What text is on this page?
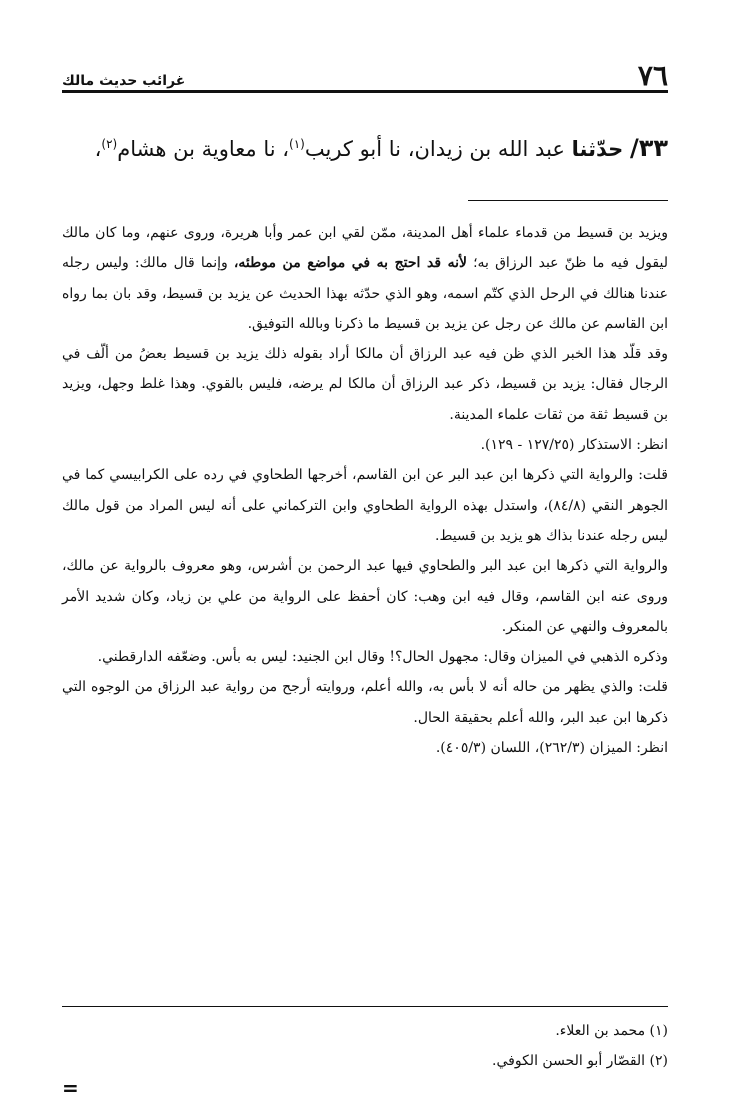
٧٦
غرائب حديث مالك
٣٣/ حدّثنا عبد الله بن زيدان، نا أبو كريب$^{(١)}$، نا معاوية بن هشام$^{(٢)}$،

ويزيد بن قسيط من قدماء علماء أهل المدينة، ممّن لقي ابن عمر وأبا هريرة، وروى عنهم، وما كان مالك ليقول فيه ما ظنّ عبد الرزاق به؛ لأنه قد احتج به في مواضع من موطئه، وإنما قال مالك: وليس رجله عندنا هنالك في الرحل الذي كتّم اسمه، وهو الذي حدّثه بهذا الحديث عن يزيد بن قسيط، وقد بان بما رواه ابن القاسم عن مالك عن رجل عن يزيد بن قسيط ما ذكرنا وبالله التوفيق.

وقد قلّد هذا الخبر الذي ظن فيه عبد الرزاق أن مالكا أراد بقوله ذلك يزيد بن قسيط بعضُ من ألّف في الرجال فقال: يزيد بن قسيط، ذكر عبد الرزاق أن مالكا لم يرضه، فليس بالقوي. وهذا غلط وجهل، ويزيد بن قسيط ثقة من ثقات علماء المدينة.

انظر: الاستذكار (١٢٧/٢٥ - ١٢٩).

قلت: والرواية التي ذكرها ابن عبد البر عن ابن القاسم، أخرجها الطحاوي في رده على الكرابيسي كما في الجوهر النقي (٨٤/٨)، واستدل بهذه الرواية الطحاوي وابن التركماني على أنه ليس المراد من قول مالك ليس رجله عندنا بذاك هو يزيد بن قسيط.

والرواية التي ذكرها ابن عبد البر والطحاوي فيها عبد الرحمن بن أشرس، وهو معروف بالرواية عن مالك، وروى عنه ابن القاسم، وقال فيه ابن وهب: كان أحفظ على الرواية من علي بن زياد، وكان شديد الأمر بالمعروف والنهي عن المنكر.

وذكره الذهبي في الميزان وقال: مجهول الحال؟! وقال ابن الجنيد: ليس به بأس. وضعّفه الدارقطني.

قلت: والذي يظهر من حاله أنه لا بأس به، والله أعلم، وروايته أرجح من رواية عبد الرزاق من الوجوه التي ذكرها ابن عبد البر، والله أعلم بحقيقة الحال.

انظر: الميزان (٢٦٢/٣)، اللسان (٤٠٥/٣).

(١) محمد بن العلاء.

(٢) القصّار أبو الحسن الكوفي.

=
